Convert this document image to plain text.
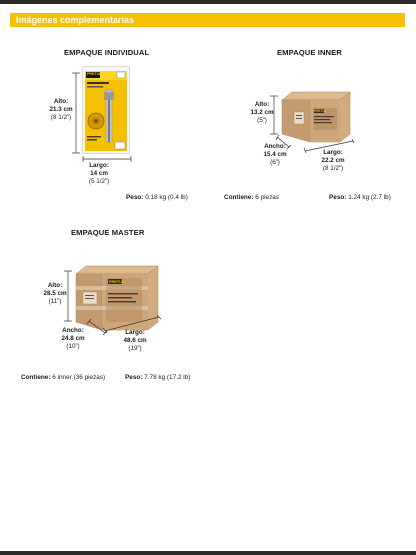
Imágenes complementarias
EMPAQUE INDIVIDUAL
Alto:
21.3 cm
(8 1/2”)
PRETUL
Largo:
14 cm
(5 1/2”)
Peso: 0.18 kg (0.4 lb)
EMPAQUE INNER
Alto:
13.2 cm
(5”)
PRETUL
Ancho:
15.4 cm
(6”)
Largo:
22.2 cm
(8 1/2”)
Contiene: 6 piezas	Peso: 1.24 kg (2.7 lb)
EMPAQUE MASTER
Alto:
28.5 cm
(11”)
PRETUL
Ancho:
24.8 cm
(10”)
Largo:
48.6 cm
(19”)
Contiene: 6 inner (36 piezas)	Peso: 7.78 kg (17.2 lb)
